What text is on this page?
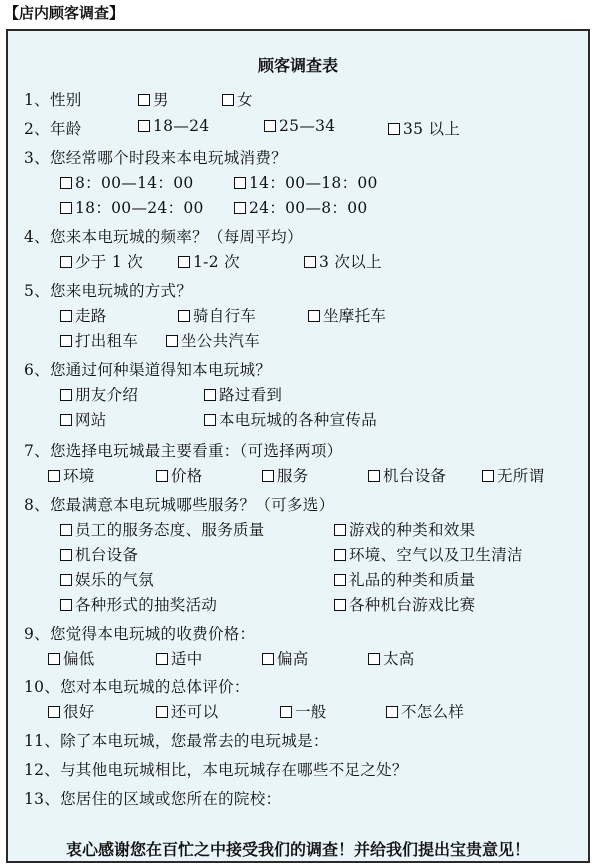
【店内顾客调查】
顾客调查表
1、性别	男	女
2、年龄	18—24	25—34	35 以上
3、您经常哪个时段来本电玩城消费？
8：00—14：00	14：00—18：00
18：00—24：00	24：00—8：00
4、您来本电玩城的频率？（每周平均）
少于 1 次	1-2 次	3 次以上
5、您来电玩城的方式？
走路	骑自行车	坐摩托车
打出租车	坐公共汽车
6、您通过何种渠道得知本电玩城？
朋友介绍	路过看到
网站	本电玩城的各种宣传品
7、您选择电玩城最主要看重：（可选择两项）
环境	价格	服务	机台设备	无所谓
8、您最满意本电玩城哪些服务？（可多选）
员工的服务态度、服务质量	游戏的种类和效果
机台设备	环境、空气以及卫生清洁
娱乐的气氛	礼品的种类和质量
各种形式的抽奖活动	各种机台游戏比赛
9、您觉得本电玩城的收费价格：
偏低	适中	偏高	太高
10、您对本电玩城的总体评价：
很好	还可以	一般	不怎么样
11、除了本电玩城，您最常去的电玩城是：
12、与其他电玩城相比，本电玩城存在哪些不足之处？
13、您居住的区域或您所在的院校：
衷心感谢您在百忙之中接受我们的调查！并给我们提出宝贵意见！
